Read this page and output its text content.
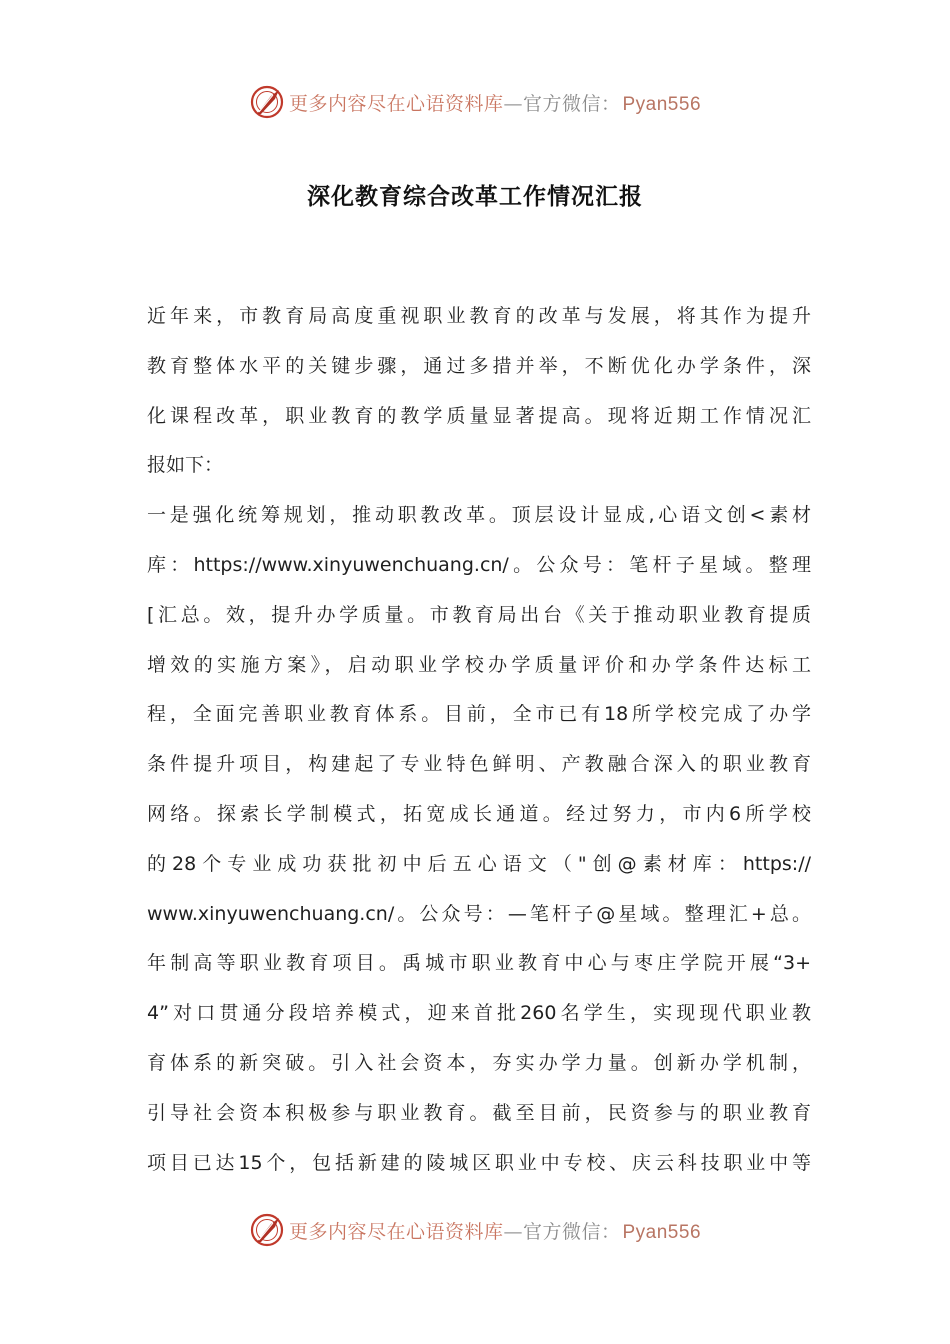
更多内容尽在心语资料库—官方微信： Pyan556
深化教育综合改革工作情况汇报
近年来，市教育局高度重视职业教育的改革与发展，将其作为提升
教育整体水平的关键步骤，通过多措并举，不断优化办学条件，深
化课程改革，职业教育的教学质量显著提高。现将近期工作情况汇
报如下：
一是强化统筹规划，推动职教改革。顶层设计显成,心语文创<素材
库：https://www.xinyuwenchuang.cn/。公众号：笔杆子星域。整理
[汇总。效，提升办学质量。市教育局出台《关于推动职业教育提质
增效的实施方案》，启动职业学校办学质量评价和办学条件达标工
程，全面完善职业教育体系。目前，全市已有18所学校完成了办学
条件提升项目，构建起了专业特色鲜明、产教融合深入的职业教育
网络。探索长学制模式，拓宽成长通道。经过努力，市内6所学校
的28个专业成功获批初中后五心语文（"创@素材库：https://
www.xinyuwenchuang.cn/。公众号：—笔杆子@星域。整理汇+总。
年制高等职业教育项目。禹城市职业教育中心与枣庄学院开展“3+
4”对口贯通分段培养模式，迎来首批260名学生，实现现代职业教
育体系的新突破。引入社会资本，夯实办学力量。创新办学机制，
引导社会资本积极参与职业教育。截至目前，民资参与的职业教育
项目已达15个，包括新建的陵城区职业中专校、庆云科技职业中等
更多内容尽在心语资料库—官方微信： Pyan556
